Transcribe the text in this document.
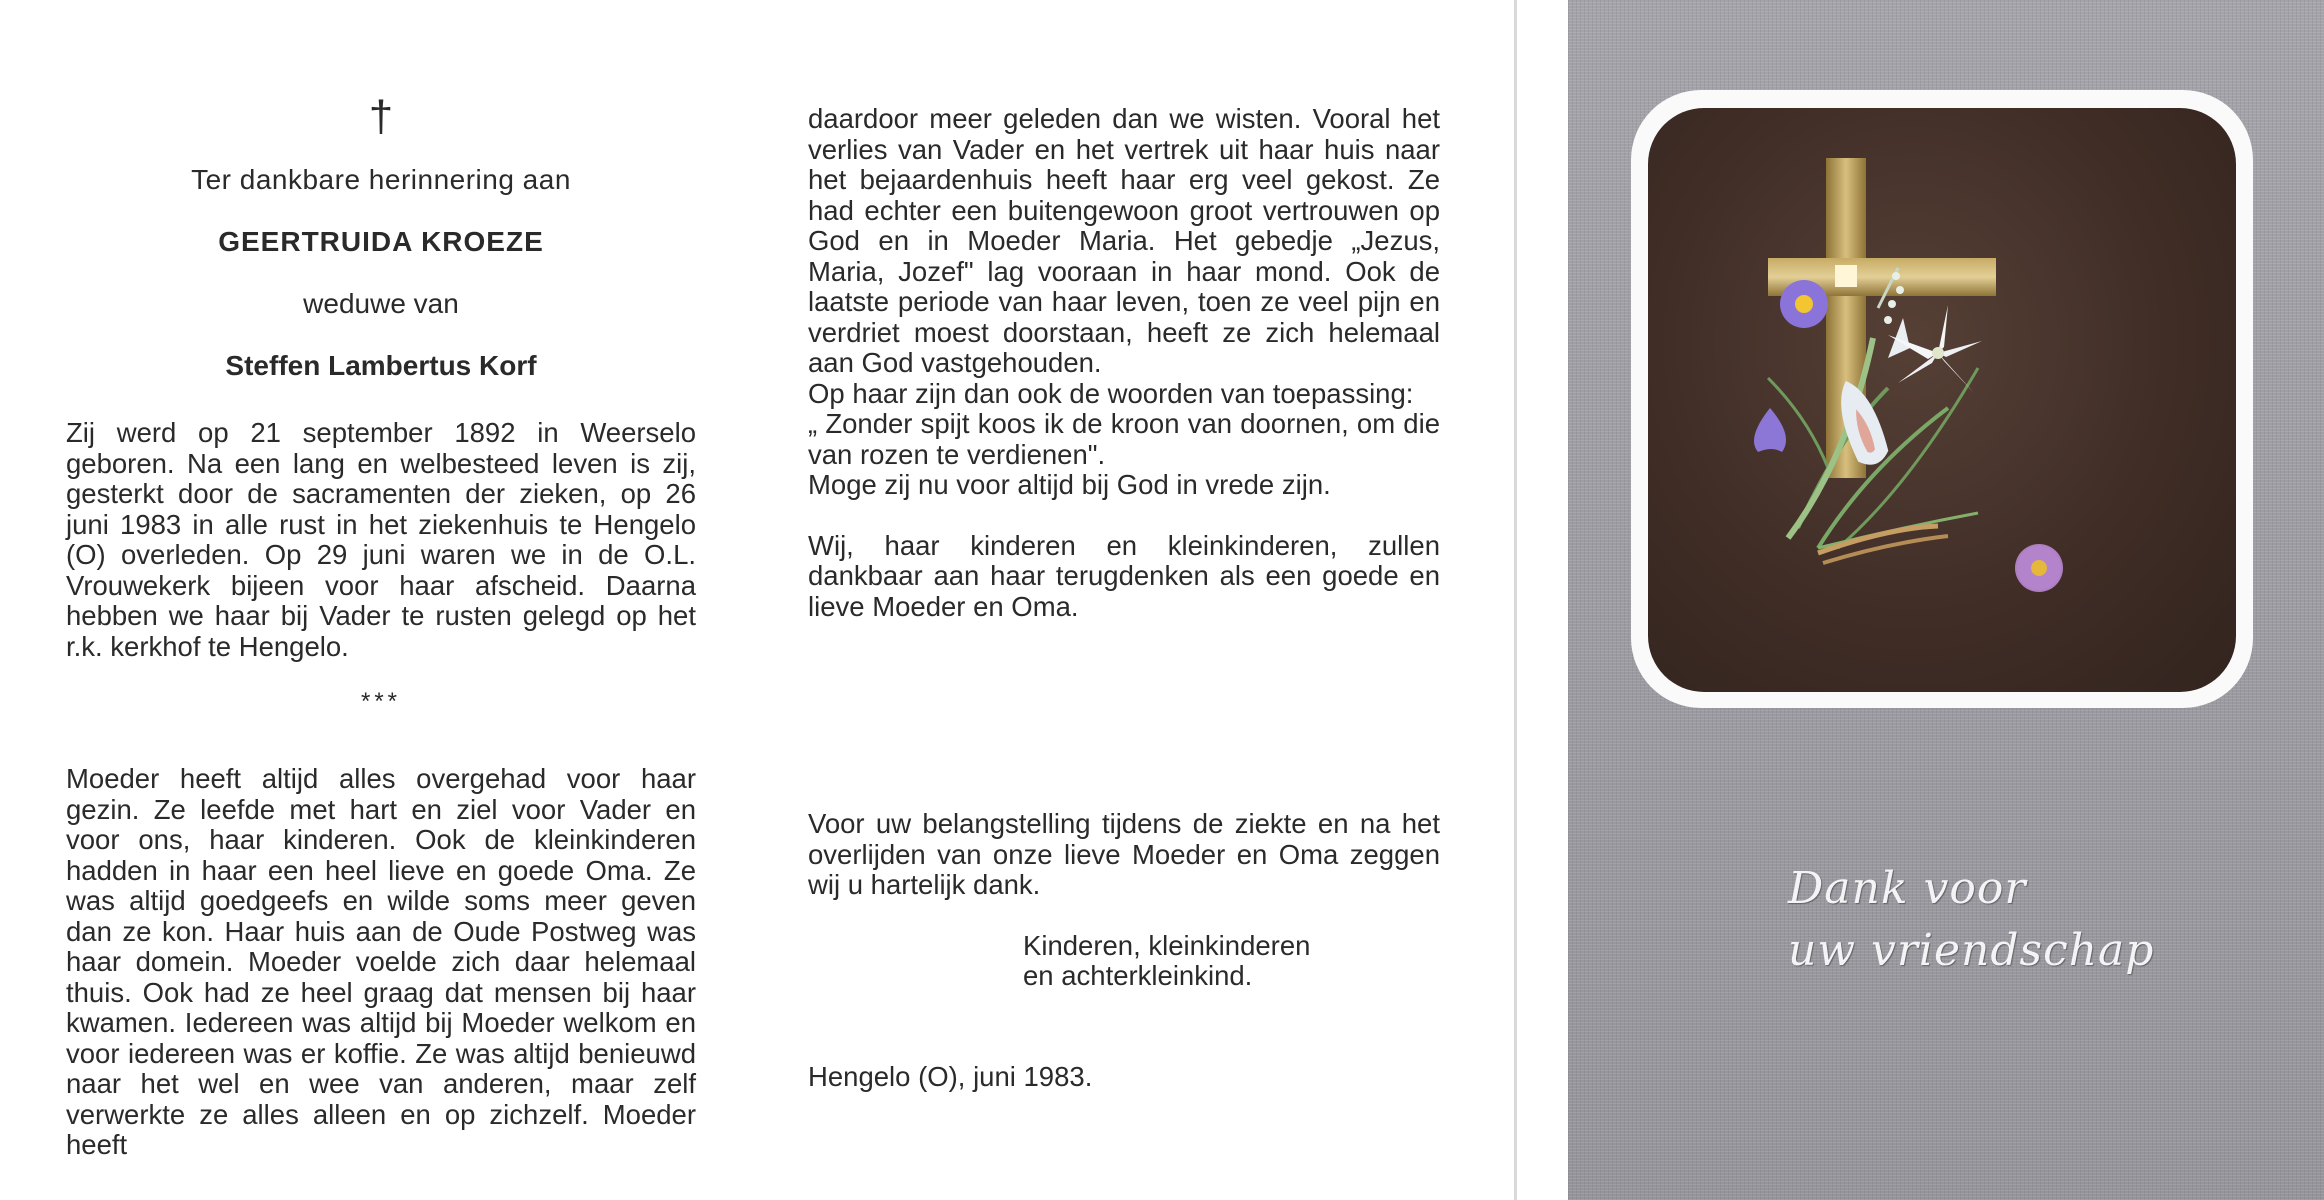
†
Ter dankbare herinnering aan
GEERTRUIDA KROEZE
weduwe van
Steffen Lambertus Korf

Zij werd op 21 september 1892 in Weerselo geboren. Na een lang en welbesteed leven is zij, gesterkt door de sacramenten der zieken, op 26 juni 1983 in alle rust in het ziekenhuis te Hengelo (O) overleden. Op 29 juni waren we in de O.L. Vrouwekerk bijeen voor haar afscheid. Daarna hebben we haar bij Vader te rusten gelegd op het r.k. kerkhof te Hengelo.

***

Moeder heeft altijd alles overgehad voor haar gezin. Ze leefde met hart en ziel voor Vader en voor ons, haar kinderen. Ook de kleinkinderen hadden in haar een heel lieve en goede Oma. Ze was altijd goedgeefs en wilde soms meer geven dan ze kon. Haar huis aan de Oude Postweg was haar domein. Moeder voelde zich daar helemaal thuis. Ook had ze heel graag dat mensen bij haar kwamen. Iedereen was altijd bij Moeder welkom en voor iedereen was er koffie. Ze was altijd benieuwd naar het wel en wee van anderen, maar zelf verwerkte ze alles alleen en op zichzelf. Moeder heeft

daardoor meer geleden dan we wisten. Vooral het verlies van Vader en het vertrek uit haar huis naar het bejaardenhuis heeft haar erg veel gekost. Ze had echter een buitengewoon groot vertrouwen op God en in Moeder Maria. Het gebedje „Jezus, Maria, Jozef" lag vooraan in haar mond. Ook de laatste periode van haar leven, toen ze veel pijn en verdriet moest doorstaan, heeft ze zich helemaal aan God vastgehouden.

Op haar zijn dan ook de woorden van toepassing:

„ Zonder spijt koos ik de kroon van doornen, om die van rozen te verdienen".

Moge zij nu voor altijd bij God in vrede zijn.

Wij, haar kinderen en kleinkinderen, zullen dankbaar aan haar terugdenken als een goede en lieve Moeder en Oma.

Voor uw belangstelling tijdens de ziekte en na het overlijden van onze lieve Moeder en Oma zeggen wij u hartelijk dank.

Kinderen, kleinkinderen
en achterkleinkind.

Hengelo (O), juni 1983.

Dank voor
uw vriendschap
